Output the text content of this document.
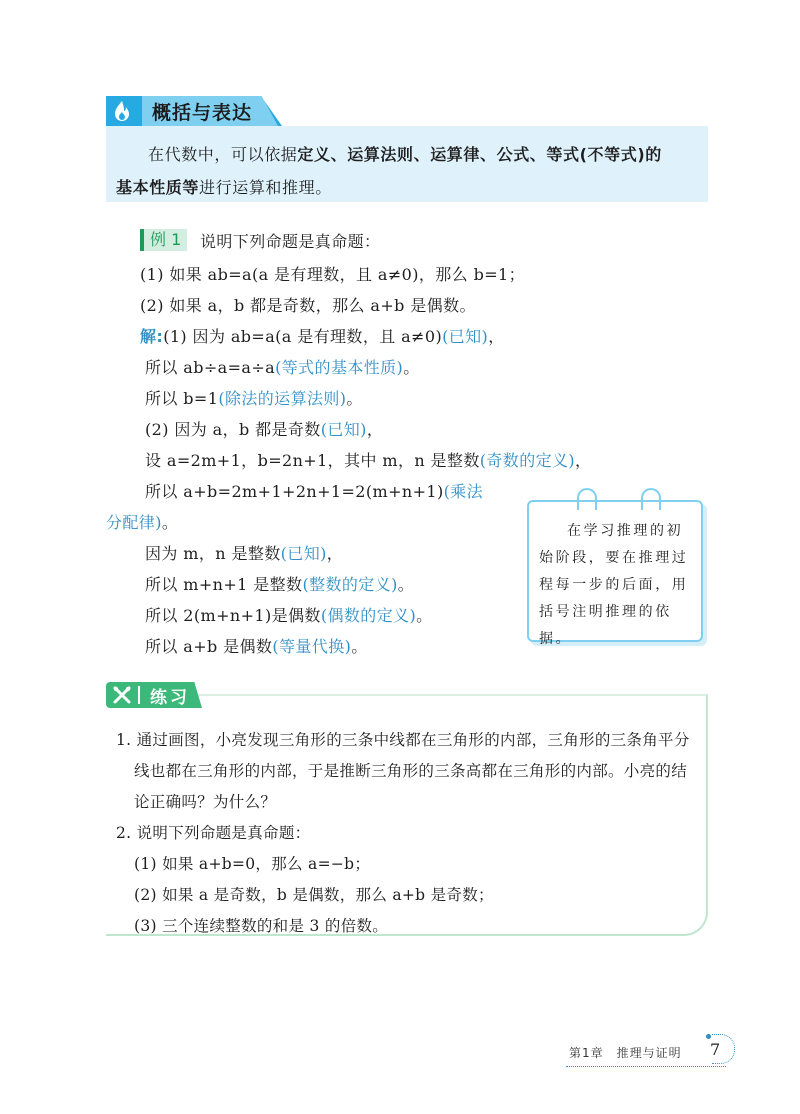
概括与表达

在代数中，可以依据定义、运算法则、运算律、公式、等式(不等式)的
基本性质等进行运算和推理。

例 1	说明下列命题是真命题：
(1) 如果 ab=a(a 是有理数，且 a≠0)，那么 b=1；
(2) 如果 a，b 都是奇数，那么 a+b 是偶数。
解:(1) 因为 ab=a(a 是有理数，且 a≠0)(已知)，
所以 ab÷a=a÷a(等式的基本性质)。
所以 b=1(除法的运算法则)。
(2) 因为 a，b 都是奇数(已知)，
设 a=2m+1，b=2n+1，其中 m，n 是整数(奇数的定义)，
所以 a+b=2m+1+2n+1=2(m+n+1)(乘法
分配律)。
因为 m，n 是整数(已知)，
所以 m+n+1 是整数(整数的定义)。
所以 2(m+n+1)是偶数(偶数的定义)。
所以 a+b 是偶数(等量代换)。
在学习推理的初始阶段，要在推理过程每一步的后面，用括号注明推理的依据。
练习
1. 通过画图，小亮发现三角形的三条中线都在三角形的内部，三角形的三条角平分
线也都在三角形的内部，于是推断三角形的三条高都在三角形的内部。小亮的结
论正确吗？为什么？
2. 说明下列命题是真命题：
(1) 如果 a+b=0，那么 a=−b；
(2) 如果 a 是奇数，b 是偶数，那么 a+b 是奇数；
(3) 三个连续整数的和是 3 的倍数。
第1章　推理与证明 7
